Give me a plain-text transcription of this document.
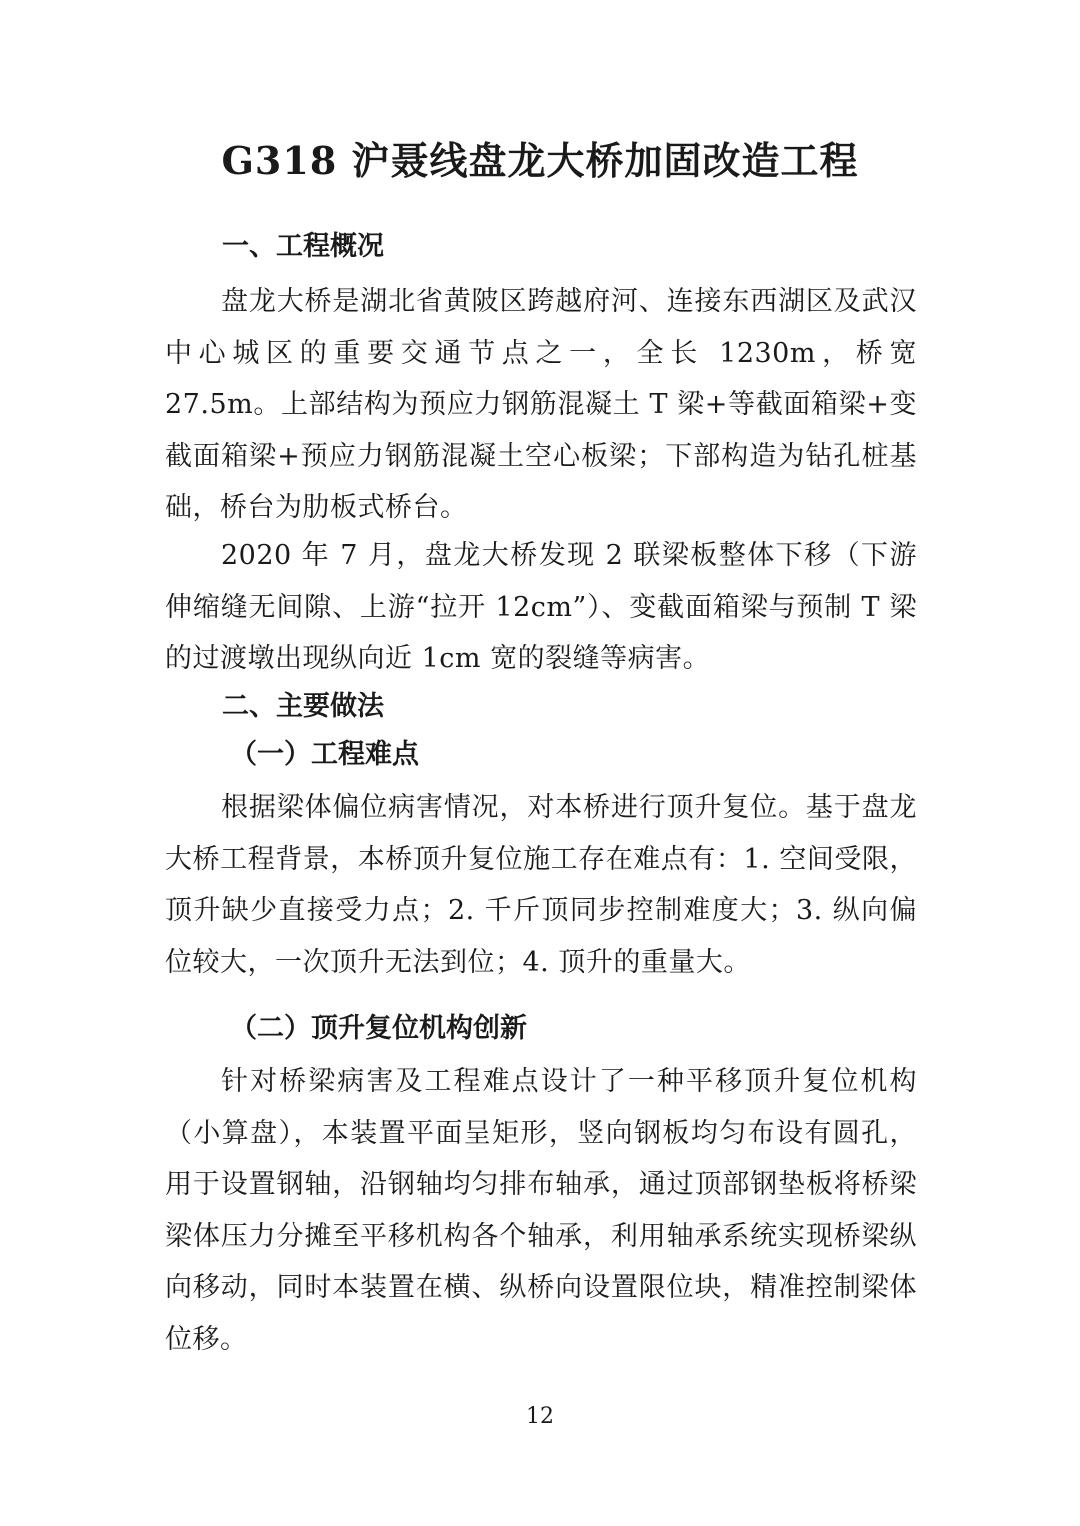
G318 沪聂线盘龙大桥加固改造工程
一、工程概况

盘龙大桥是湖北省黄陂区跨越府河、连接东西湖区及武汉中心城区的重要交通节点之一，全长 1230m，桥宽 27.5m。上部结构为预应力钢筋混凝土 T 梁+等截面箱梁+变截面箱梁+预应力钢筋混凝土空心板梁；下部构造为钻孔桩基础，桥台为肋板式桥台。

2020 年 7 月，盘龙大桥发现 2 联梁板整体下移（下游伸缩缝无间隙、上游“拉开 12cm”）、变截面箱梁与预制 T 梁的过渡墩出现纵向近 1cm 宽的裂缝等病害。

二、主要做法
（一）工程难点

根据梁体偏位病害情况，对本桥进行顶升复位。基于盘龙大桥工程背景，本桥顶升复位施工存在难点有：1. 空间受限，顶升缺少直接受力点；2. 千斤顶同步控制难度大；3. 纵向偏位较大，一次顶升无法到位；4. 顶升的重量大。

（二）顶升复位机构创新

针对桥梁病害及工程难点设计了一种平移顶升复位机构（小算盘），本装置平面呈矩形，竖向钢板均匀布设有圆孔，用于设置钢轴，沿钢轴均匀排布轴承，通过顶部钢垫板将桥梁梁体压力分摊至平移机构各个轴承，利用轴承系统实现桥梁纵向移动，同时本装置在横、纵桥向设置限位块，精准控制梁体位移。

12
